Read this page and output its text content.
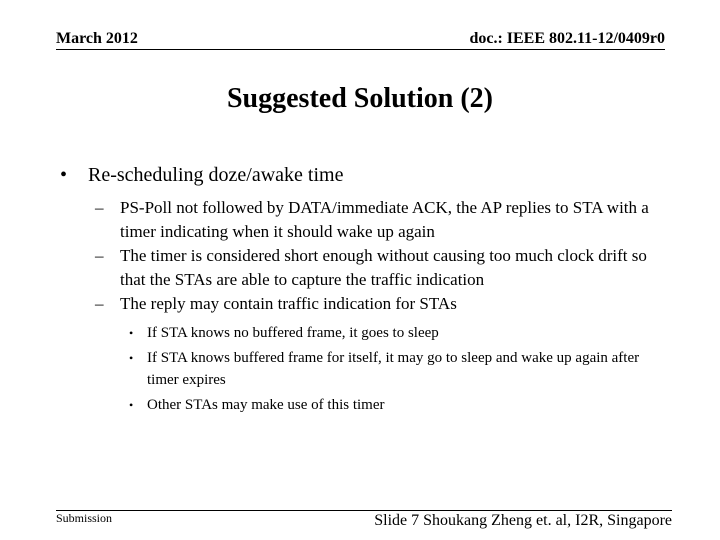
March 2012	doc.: IEEE 802.11-12/0409r0
Suggested Solution (2)
• Re-scheduling doze/awake time
– PS-Poll not followed by DATA/immediate ACK, the AP replies to STA with a timer indicating when it should wake up again
– The timer is considered short enough without causing too much clock drift so that the STAs are able to capture the traffic indication
– The reply may contain traffic indication for STAs
• If STA knows no buffered frame, it goes to sleep
• If STA knows buffered frame for itself, it may go to sleep and wake up again after timer expires
• Other STAs may make use of this timer
Submission	Slide 7 Shoukang Zheng et. al, I2R, Singapore
